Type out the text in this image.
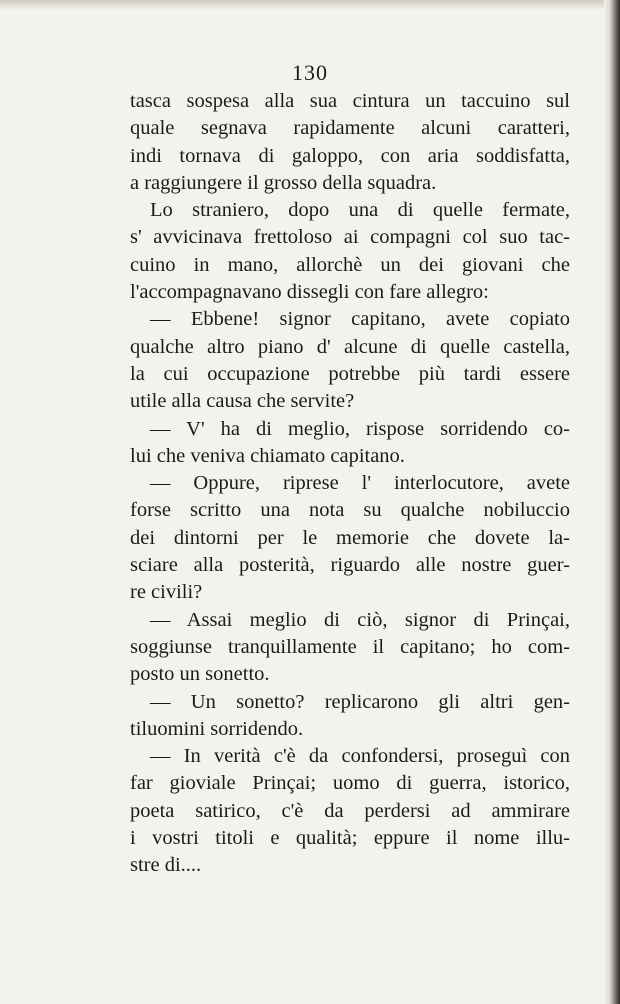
130
tasca sospesa alla sua cintura un taccuino sul
quale segnava rapidamente alcuni caratteri,
indi tornava di galoppo, con aria soddisfatta,
a raggiungere il grosso della squadra.
Lo straniero, dopo una di quelle fermate,
s' avvicinava frettoloso ai compagni col suo tac-
cuino in mano, allorchè un dei giovani che
l'accompagnavano dissegli con fare allegro:
— Ebbene! signor capitano, avete copiato
qualche altro piano d' alcune di quelle castella,
la cui occupazione potrebbe più tardi essere
utile alla causa che servite?
— V' ha di meglio, rispose sorridendo co-
lui che veniva chiamato capitano.
— Oppure, riprese l' interlocutore, avete
forse scritto una nota su qualche nobiluccio
dei dintorni per le memorie che dovete la-
sciare alla posterità, riguardo alle nostre guer-
re civili?
— Assai meglio di ciò, signor di Prinçai,
soggiunse tranquillamente il capitano; ho com-
posto un sonetto.
— Un sonetto? replicarono gli altri gen-
tiluomini sorridendo.
— In verità c'è da confondersi, proseguì con
far gioviale Prinçai; uomo di guerra, istorico,
poeta satirico, c'è da perdersi ad ammirare
i vostri titoli e qualità; eppure il nome illu-
stre di....
